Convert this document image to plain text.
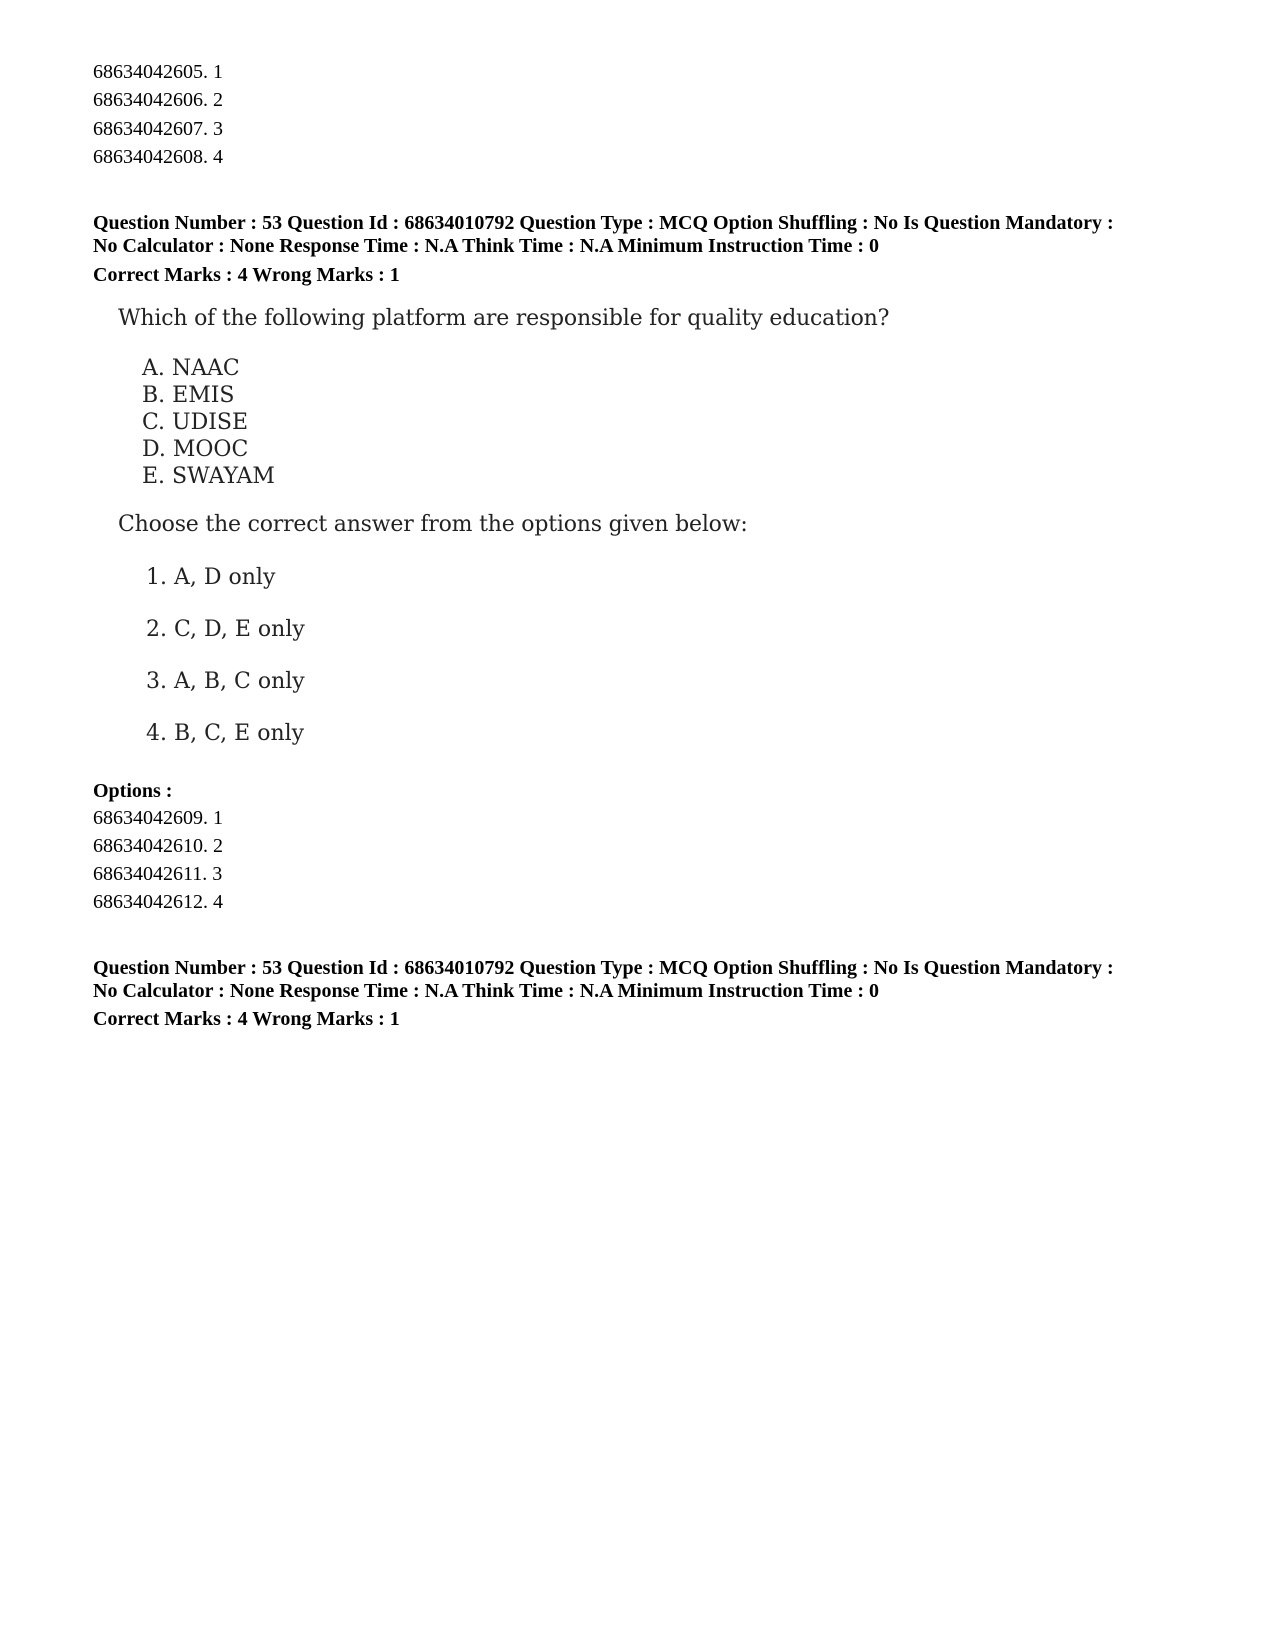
68634042605. 1
68634042606. 2
68634042607. 3
68634042608. 4
Question Number : 53 Question Id : 68634010792 Question Type : MCQ Option Shuffling : No Is Question Mandatory :
No Calculator : None Response Time : N.A Think Time : N.A Minimum Instruction Time : 0
Correct Marks : 4 Wrong Marks : 1
Which of the following platform are responsible for quality education?
A. NAAC
B. EMIS
C. UDISE
D. MOOC
E. SWAYAM
Choose the correct answer from the options given below:
1. A, D only
2. C, D, E only
3. A, B, C only
4. B, C, E only
Options :
68634042609. 1
68634042610. 2
68634042611. 3
68634042612. 4
Question Number : 53 Question Id : 68634010792 Question Type : MCQ Option Shuffling : No Is Question Mandatory :
No Calculator : None Response Time : N.A Think Time : N.A Minimum Instruction Time : 0
Correct Marks : 4 Wrong Marks : 1
